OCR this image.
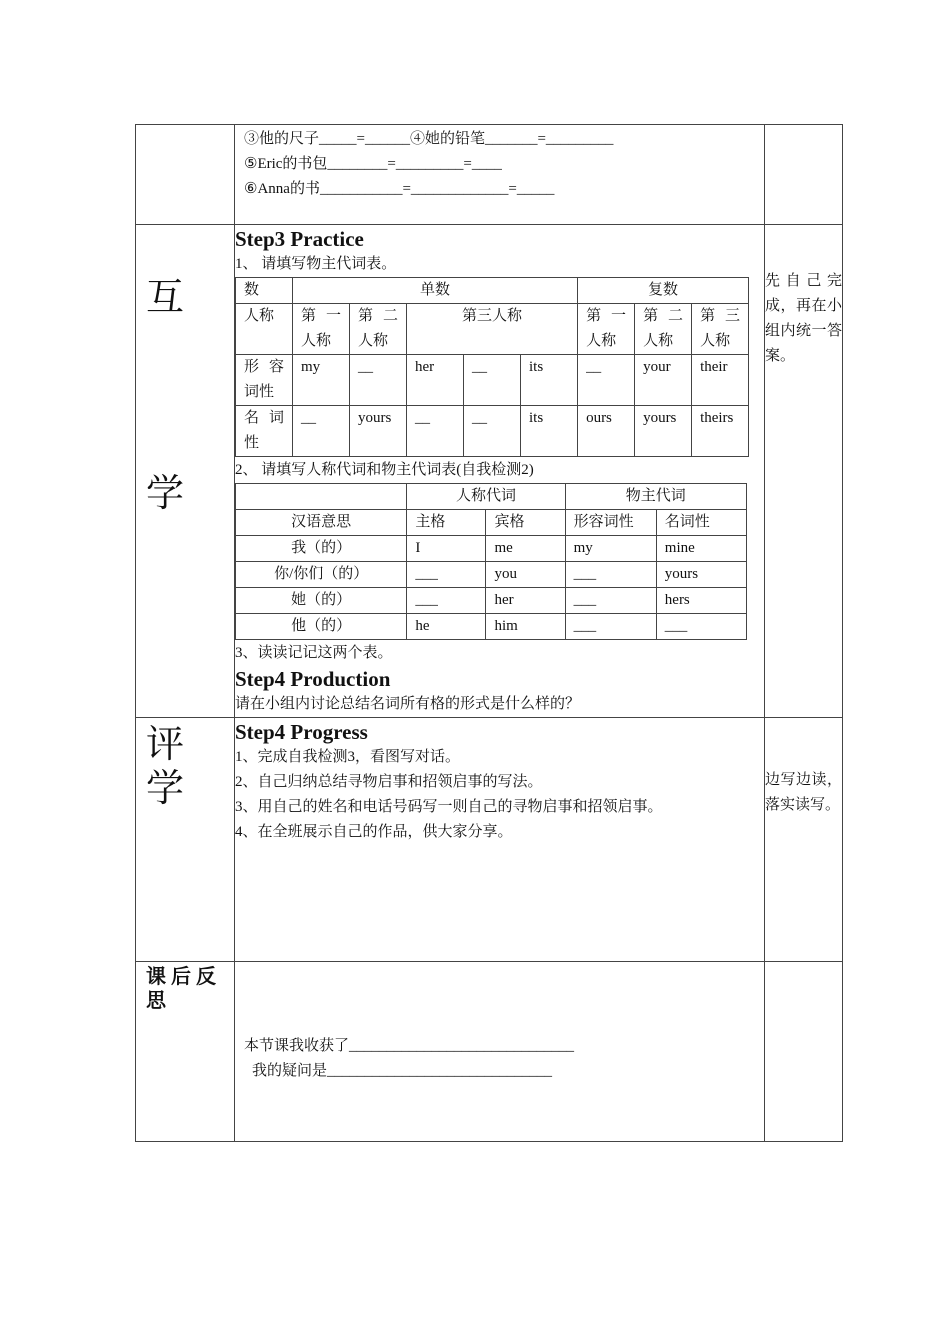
③他的尺子_____=______④她的铅笔_______=_________
⑤Eric的书包________=_________=____
⑥Anna的书___________=_____________=_____

互
学

Step3 Practice
1、 请填写物主代词表。
数	单数	复数
人称	第一人称	第二人称	第三人称	第一人称	第二人称	第三人称
形容词性	my	__	her	__	its	__	your	their
名词性	__	yours	__	__	its	ours	yours	theirs
2、 请填写人称代词和物主代词表(自我检测2)
	人称代词	物主代词
汉语意思	主格	宾格	形容词性	名词性
我（的）	I	me	my	mine
你/你们（的）	___	you	___	yours
她（的）	___	her	___	hers
他（的）	he	him	___	___
3、读读记记这两个表。
Step4 Production
请在小组内讨论总结名词所有格的形式是什么样的？
	先自己完成，再在小组内统一答案。

评
学

Step4 Progress
1、完成自我检测3，看图写对话。
2、自己归纳总结寻物启事和招领启事的写法。
3、用自己的姓名和电话号码写一则自己的寻物启事和招领启事。
4、在全班展示自己的作品，供大家分享。
	边写边读，落实读写。

课后反思

本节课我收获了______________________________
我的疑问是______________________________
